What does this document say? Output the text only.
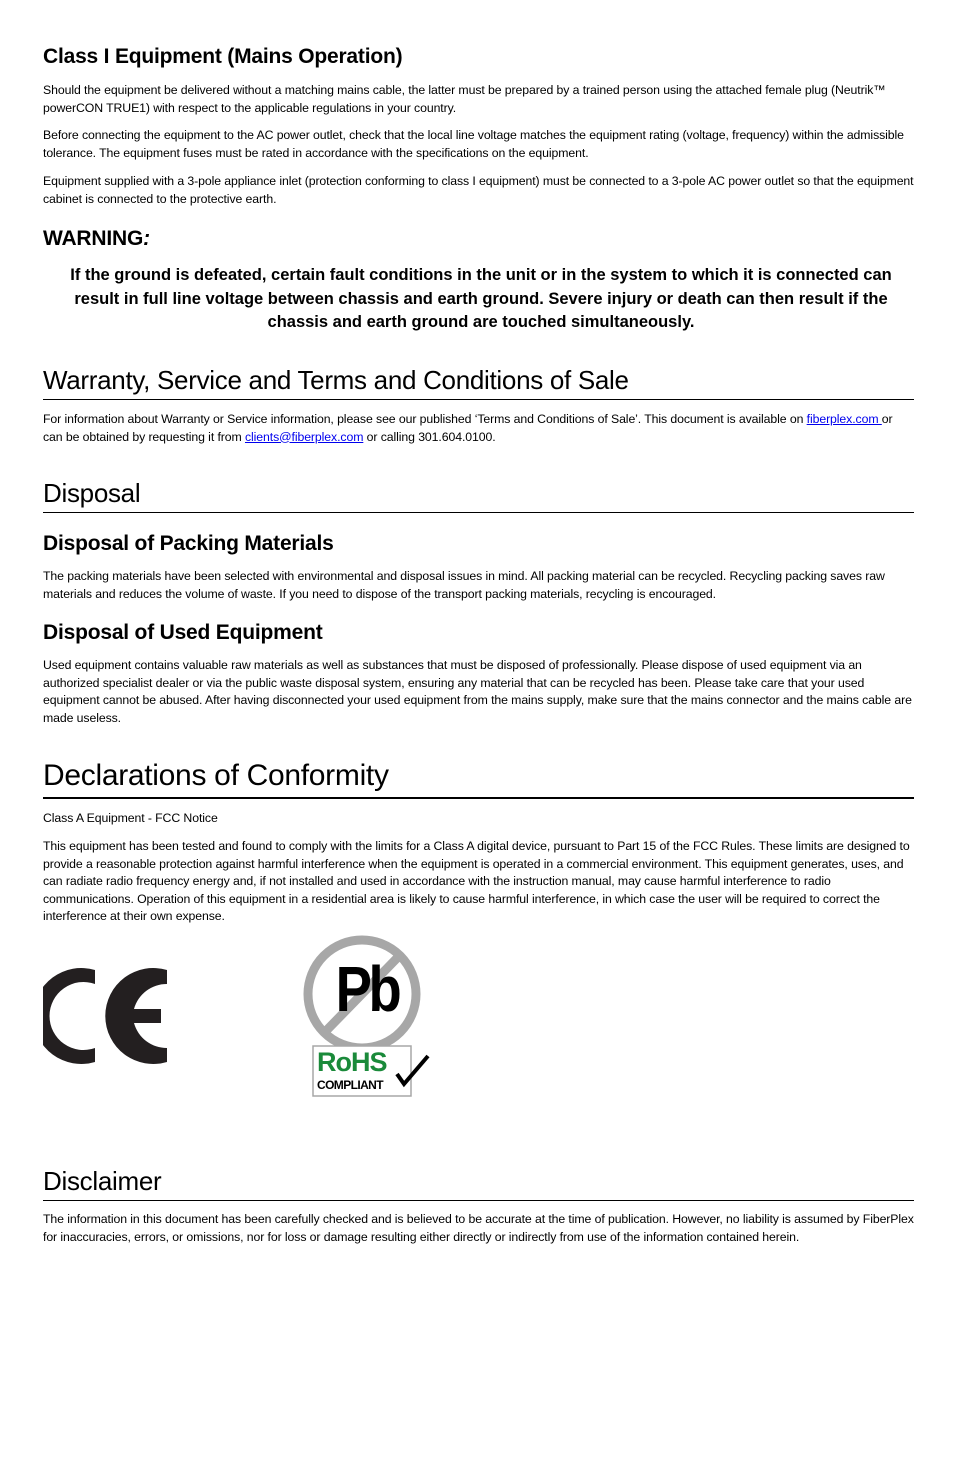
Class I Equipment (Mains Operation)

Should the equipment be delivered without a matching mains cable, the latter must be prepared by a trained person using the attached female plug (Neutrik™ powerCON TRUE1) with respect to the applicable regulations in your country.

Before connecting the equipment to the AC power outlet, check that the local line voltage matches the equipment rating (voltage, frequency) within the admissible tolerance. The equipment fuses must be rated in accordance with the specifications on the equipment.

Equipment supplied with a 3-pole appliance inlet (protection conforming to class I equipment) must be connected to a 3-pole AC power outlet so that the equipment cabinet is connected to the protective earth.

WARNING:

If the ground is defeated, certain fault conditions in the unit or in the system to which it is connected can result in full line voltage between chassis and earth ground. Severe injury or death can then result if the chassis and earth ground are touched simultaneously.

Warranty, Service and Terms and Conditions of Sale

For information about Warranty or Service information, please see our published ‘Terms and Conditions of Sale’. This document is available on fiberplex.com or can be obtained by requesting it from clients@fiberplex.com or calling 301.604.0100.

Disposal
Disposal of Packing Materials

The packing materials have been selected with environmental and disposal issues in mind. All packing material can be recycled. Recycling packing saves raw materials and reduces the volume of waste. If you need to dispose of the transport packing materials, recycling is encouraged.

Disposal of Used Equipment

Used equipment contains valuable raw materials as well as substances that must be disposed of professionally. Please dispose of used equipment via an authorized specialist dealer or via the public waste disposal system, ensuring any material that can be recycled has been. Please take care that your used equipment cannot be abused. After having disconnected your used equipment from the mains supply, make sure that the mains connector and the mains cable are made useless.

Declarations of Conformity

Class A Equipment - FCC Notice

This equipment has been tested and found to comply with the limits for a Class A digital device, pursuant to Part 15 of the FCC Rules. These limits are designed to provide a reasonable protection against harmful interference when the equipment is operated in a commercial environment. This equipment generates, uses, and can radiate radio frequency energy and, if not installed and used in accordance with the instruction manual, may cause harmful interference to radio communications. Operation of this equipment in a residential area is likely to cause harmful interference, in which case the user will be required to correct the interference at their own expense.

Pb
RoHS
COMPLIANT
Disclaimer

The information in this document has been carefully checked and is believed to be accurate at the time of publication. However, no liability is assumed by FiberPlex for inaccuracies, errors, or omissions, nor for loss or damage resulting either directly or indirectly from use of the information contained herein.
